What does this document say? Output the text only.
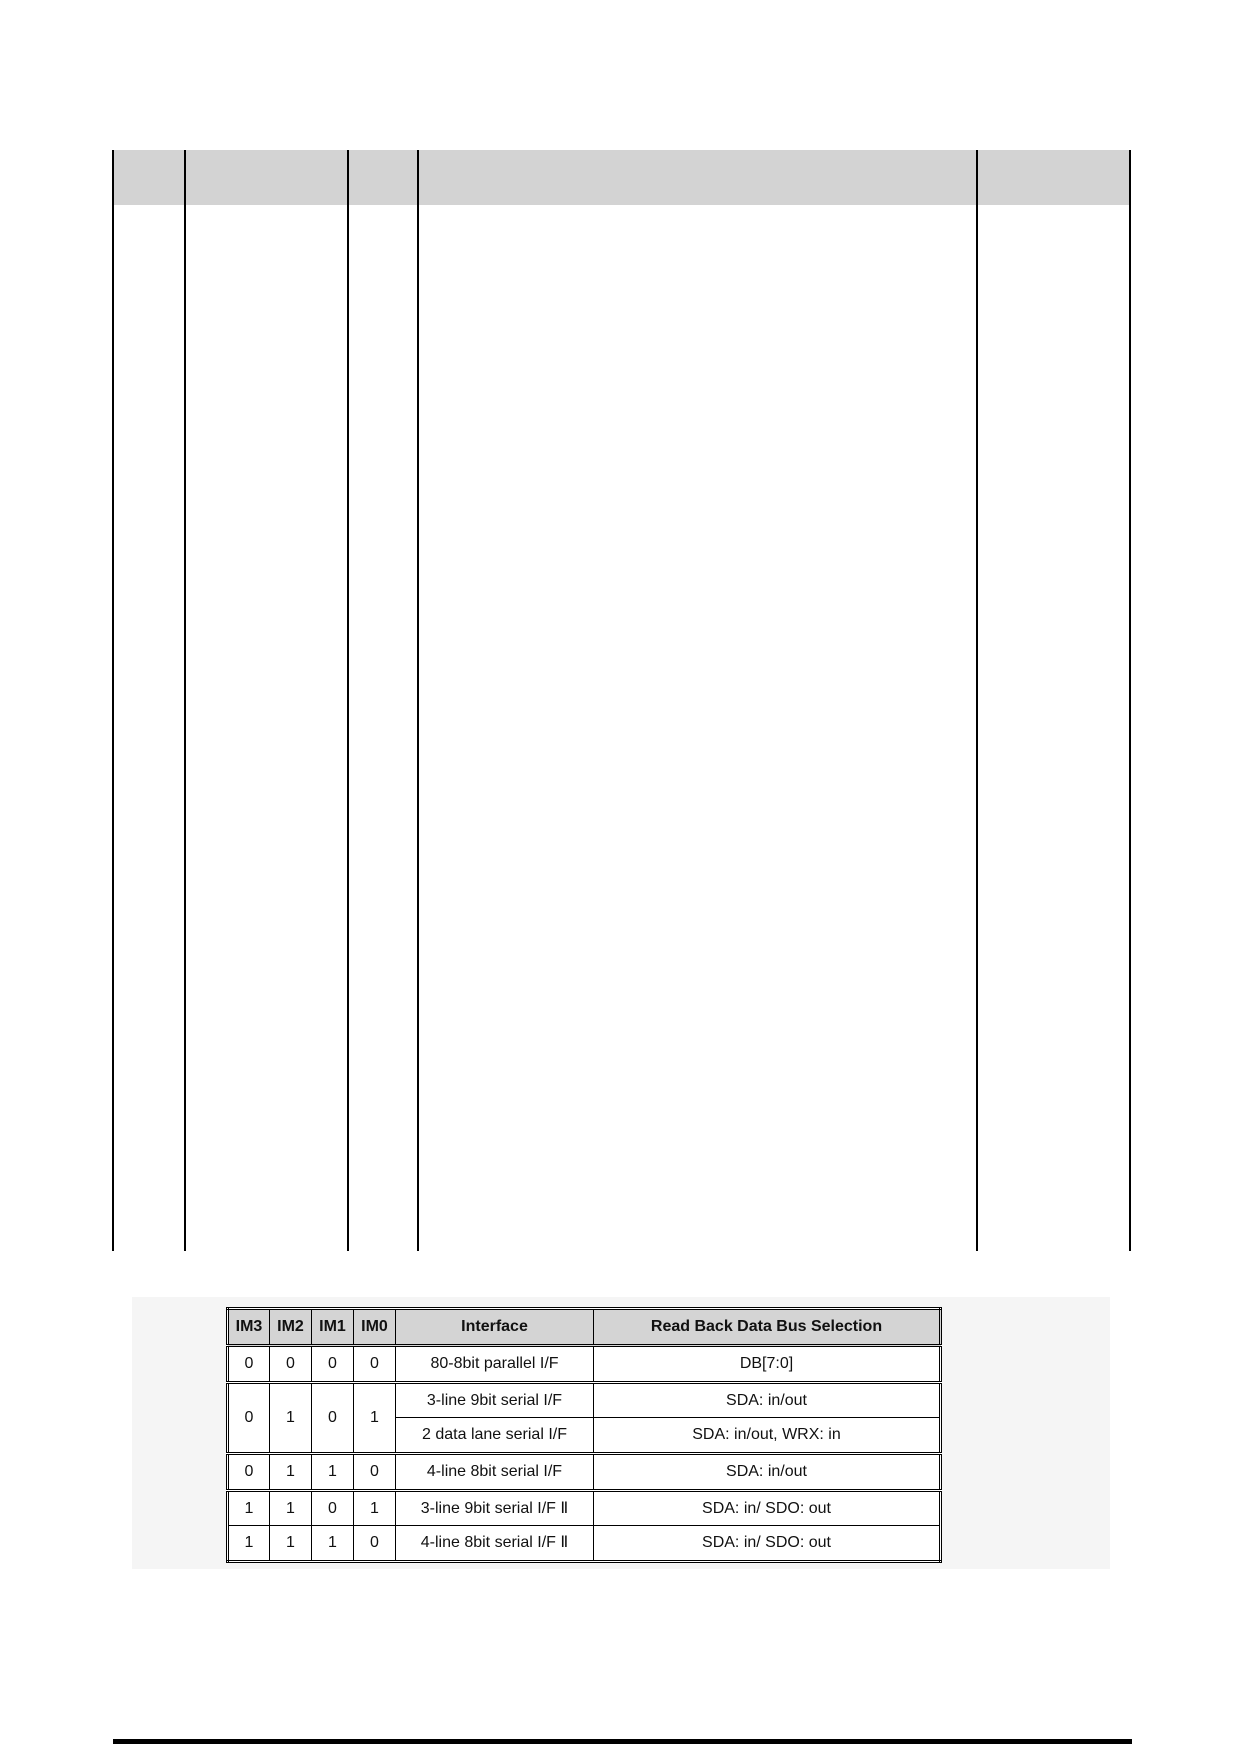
IM3	IM2	IM1	IM0	Interface	Read Back Data Bus Selection
0	0	0	0	80-8bit parallel I/F	DB[7:0]
0	1	0	1	3-line 9bit serial I/F	SDA: in/out
				2 data lane serial I/F	SDA: in/out, WRX: in
0	1	1	0	4-line 8bit serial I/F	SDA: in/out
1	1	0	1	3-line 9bit serial I/F Ⅱ	SDA: in/ SDO: out
1	1	1	0	4-line 8bit serial I/F Ⅱ	SDA: in/ SDO: out
